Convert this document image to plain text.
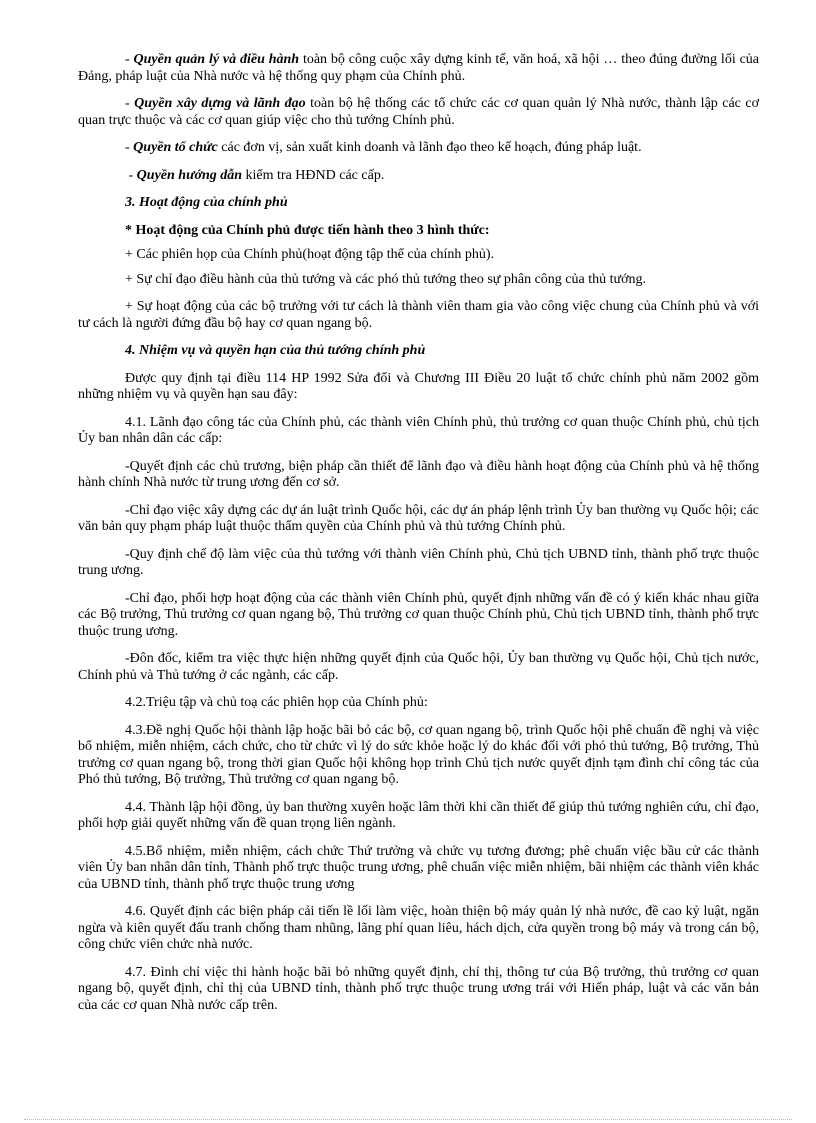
- Quyền quản lý và điều hành toàn bộ công cuộc xây dựng kinh tế, văn hoá, xã hội … theo đúng đường lối của Đảng, pháp luật của Nhà nước và hệ thống quy phạm của Chính phủ.

- Quyền xây dựng và lãnh đạo toàn bộ hệ thống các tổ chức các cơ quan quản lý Nhà nước, thành lập các cơ quan trực thuộc và các cơ quan giúp việc cho thủ tướng Chính phủ.

- Quyền tổ chức các đơn vị, sản xuất kinh doanh và lãnh đạo theo kế hoạch, đúng pháp luật.

- Quyền hướng dẫn kiểm tra HĐND các cấp.

3. Hoạt động của chính phủ

* Hoạt động của Chính phủ được tiến hành theo 3 hình thức:

+ Các phiên họp của Chính phủ(hoạt động tập thể của chính phủ).

+ Sự chỉ đạo điều hành của thủ tướng và các phó thủ tướng theo sự phân công của thủ tướng.

+ Sự hoạt động của các bộ trưởng với tư cách là thành viên tham gia vào công việc chung của Chính phủ và với tư cách là người đứng đầu bộ hay cơ quan ngang bộ.

4. Nhiệm vụ và quyền hạn của thủ tướng chính phủ

Được quy định tại điều 114 HP 1992 Sửa đổi và Chương III Điều 20 luật tổ chức chính phủ năm 2002 gồm những nhiệm vụ và quyền hạn sau đây:

4.1. Lãnh đạo công tác của Chính phủ, các thành viên Chính phủ, thủ trưởng cơ quan thuộc Chính phủ, chủ tịch Ủy ban nhân dân các cấp:

-Quyết định các chủ trương, biện pháp cần thiết để lãnh đạo và điều hành hoạt động của Chính phủ và hệ thống hành chính Nhà nước từ trung ương đến cơ sở.

-Chỉ đạo việc xây dựng các dự án luật trình Quốc hội, các dự án pháp lệnh trình Ủy ban thường vụ Quốc hội; các văn bản quy phạm pháp luật thuộc thẩm quyền của Chính phủ và thủ tướng Chính phủ.

-Quy định chế độ làm việc của thủ tướng với thành viên Chính phủ, Chủ tịch UBND tỉnh, thành phố trực thuộc trung ương.

-Chỉ đạo, phối hợp hoạt động của các thành viên Chính phủ, quyết định những vấn đề có ý kiến khác nhau giữa các Bộ trưởng, Thủ trưởng cơ quan ngang bộ, Thủ trưởng cơ quan thuộc Chính phủ, Chủ tịch UBND tỉnh, thành phố trực thuộc trung ương.

-Đôn đốc, kiểm tra việc thực hiện những quyết định của Quốc hội, Ủy ban thường vụ Quốc hội, Chủ tịch nước, Chính phủ và Thủ tướng ở các ngành, các cấp.

4.2.Triệu tập và chủ toạ các phiên họp của Chính phủ:

4.3.Đề nghị Quốc hội thành lập hoặc bãi bỏ các bộ, cơ quan ngang bộ, trình Quốc hội phê chuẩn đề nghị và việc bổ nhiệm, miễn nhiệm, cách chức, cho từ chức vì lý do sức khỏe hoặc lý do khác đối với phó thủ tướng, Bộ trưởng, Thủ trưởng cơ quan ngang bộ, trong thời gian Quốc hội không họp trình Chủ tịch nước quyết định tạm đình chỉ công tác của Phó thủ tướng, Bộ trưởng, Thủ trưởng cơ quan ngang bộ.

4.4. Thành lập hội đồng, ủy ban thường xuyên hoặc lâm thời khi cần thiết để giúp thủ tướng nghiên cứu, chỉ đạo, phối hợp giải quyết những vấn đề quan trọng liên ngành.

4.5.Bổ nhiệm, miễn nhiệm, cách chức Thứ trưởng và chức vụ tương đương; phê chuẩn việc bầu cử các thành viên Ủy ban nhân dân tỉnh, Thành phố trực thuộc trung ương, phê chuẩn việc miễn nhiệm, bãi nhiệm các thành viên khác của UBND tỉnh, thành phố trực thuộc trung ương

4.6. Quyết định các biện pháp cải tiến lề lối làm việc, hoàn thiện bộ máy quản lý nhà nước, đề cao kỷ luật, ngăn ngừa và kiên quyết đấu tranh chống tham nhũng, lãng phí quan liêu, hách dịch, cửa quyền trong bộ máy và trong cán bộ, công chức viên chức nhà nước.

4.7. Đình chỉ việc thi hành hoặc bãi bỏ những quyết định, chỉ thị, thông tư của Bộ trưởng, thủ trưởng cơ quan ngang bộ, quyết định, chỉ thị của UBND tỉnh, thành phố trực thuộc trung ương trái với Hiến pháp, luật và các văn bản của các cơ quan Nhà nước cấp trên.
